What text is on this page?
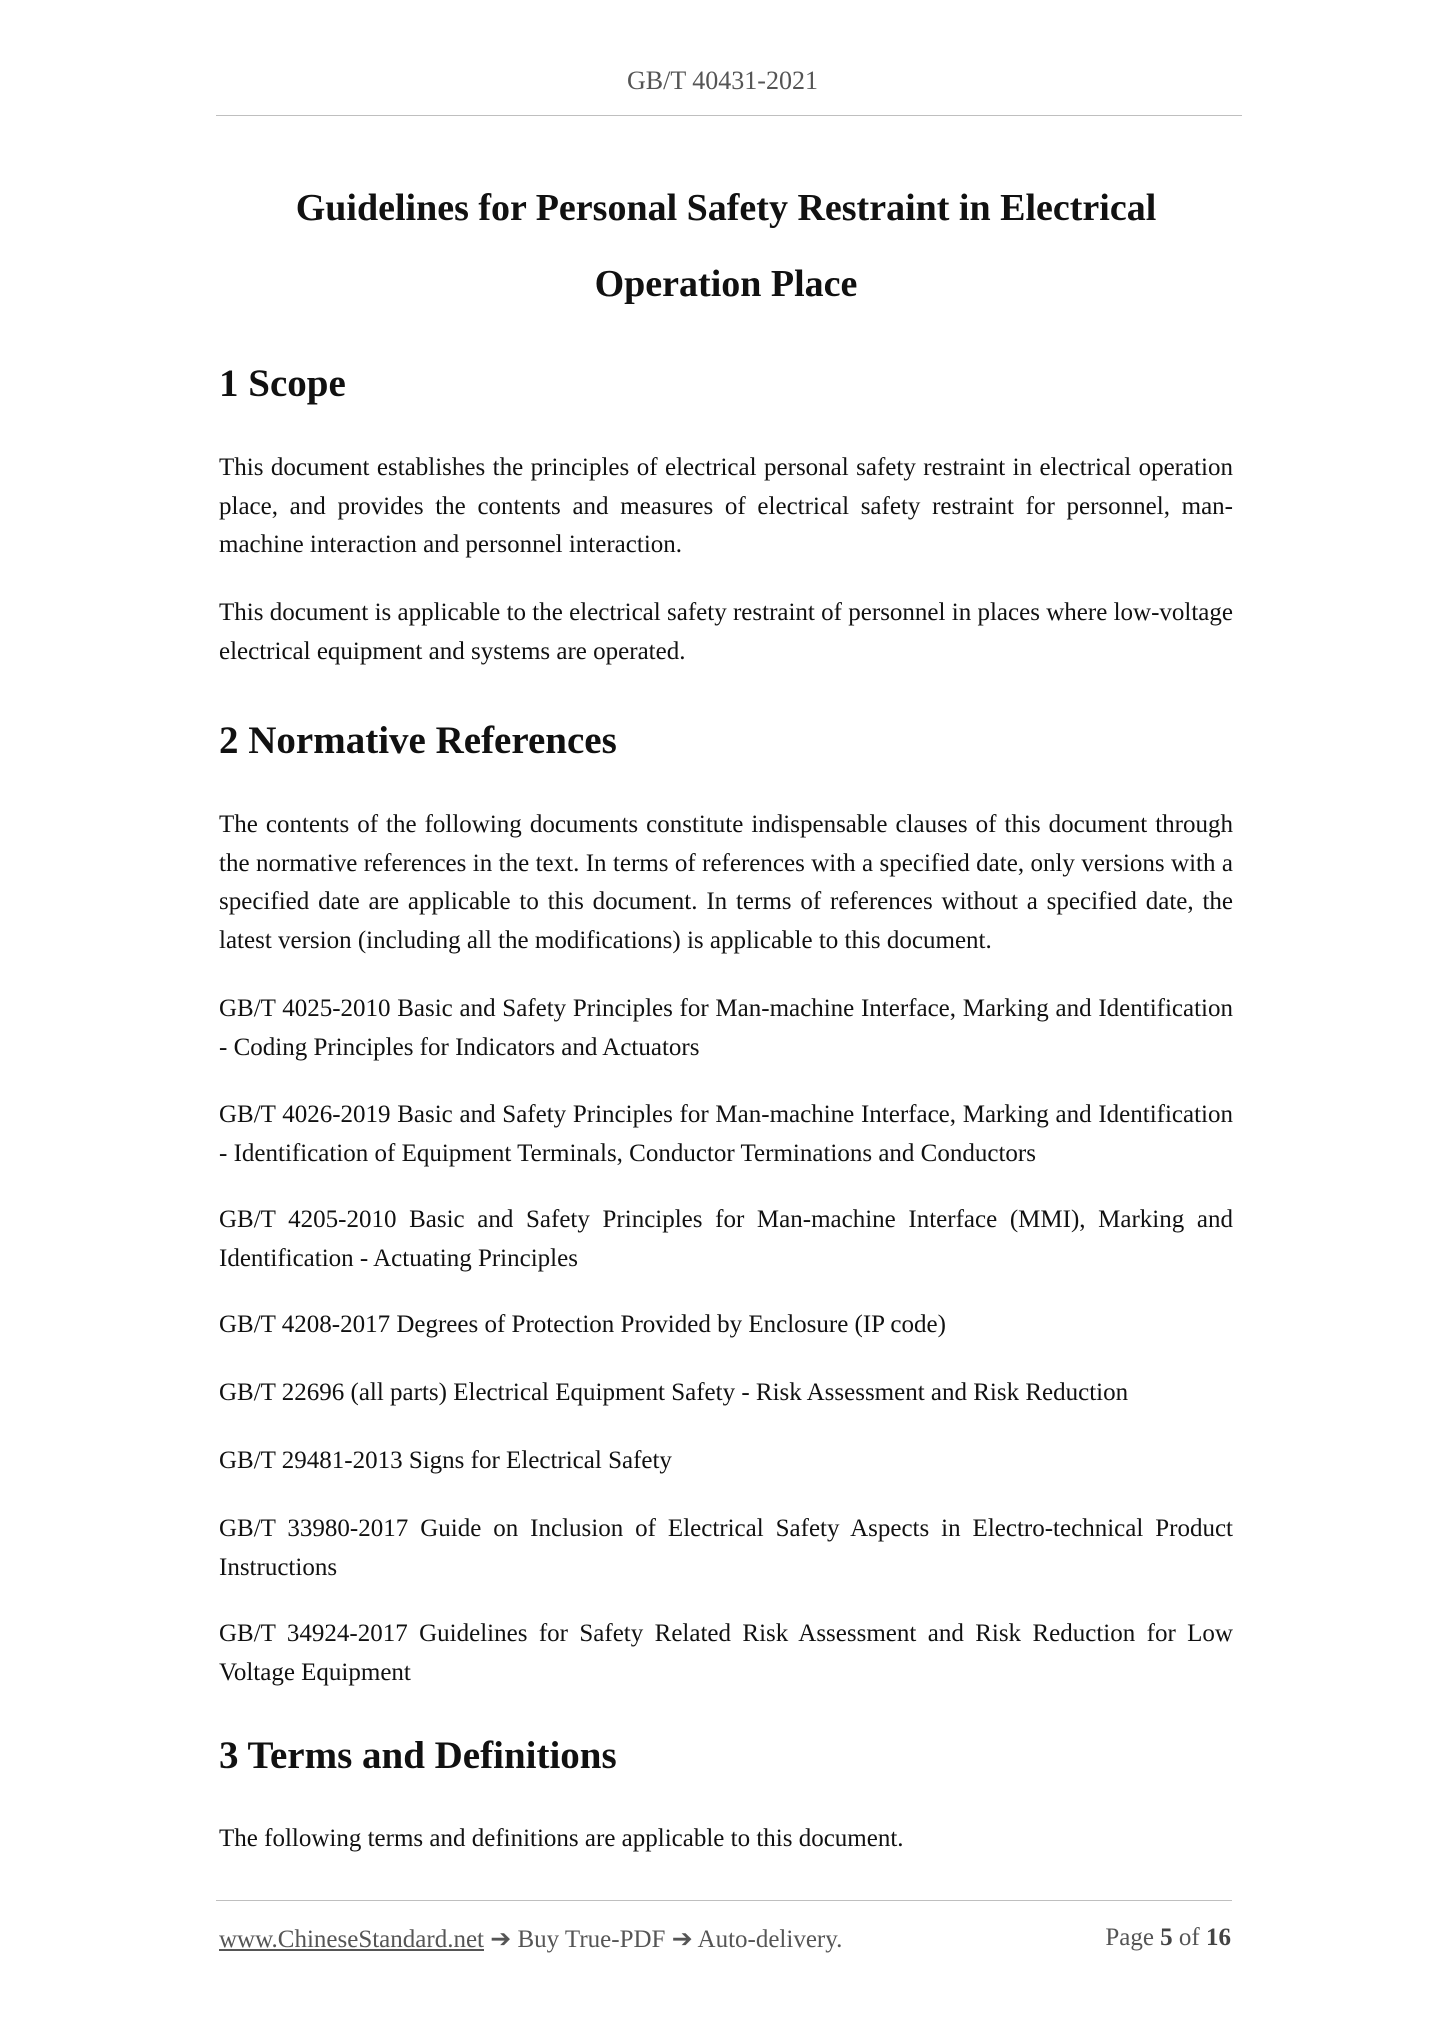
GB/T 40431-2021
Guidelines for Personal Safety Restraint in Electrical
Operation Place
1 Scope

This document establishes the principles of electrical personal safety restraint in electrical operation place, and provides the contents and measures of electrical safety restraint for personnel, man-machine interaction and personnel interaction.

This document is applicable to the electrical safety restraint of personnel in places where low-voltage electrical equipment and systems are operated.

2 Normative References

The contents of the following documents constitute indispensable clauses of this document through the normative references in the text. In terms of references with a specified date, only versions with a specified date are applicable to this document. In terms of references without a specified date, the latest version (including all the modifications) is applicable to this document.

GB/T 4025-2010 Basic and Safety Principles for Man-machine Interface, Marking and Identification - Coding Principles for Indicators and Actuators

GB/T 4026-2019 Basic and Safety Principles for Man-machine Interface, Marking and Identification - Identification of Equipment Terminals, Conductor Terminations and Conductors

GB/T 4205-2010 Basic and Safety Principles for Man-machine Interface (MMI), Marking and Identification - Actuating Principles

GB/T 4208-2017 Degrees of Protection Provided by Enclosure (IP code)

GB/T 22696 (all parts) Electrical Equipment Safety - Risk Assessment and Risk Reduction

GB/T 29481-2013 Signs for Electrical Safety

GB/T 33980-2017 Guide on Inclusion of Electrical Safety Aspects in Electro-technical Product Instructions

GB/T 34924-2017 Guidelines for Safety Related Risk Assessment and Risk Reduction for Low Voltage Equipment

3 Terms and Definitions

The following terms and definitions are applicable to this document.

www.ChineseStandard.net ➔ Buy True-PDF ➔ Auto-delivery.	Page 5 of 16
